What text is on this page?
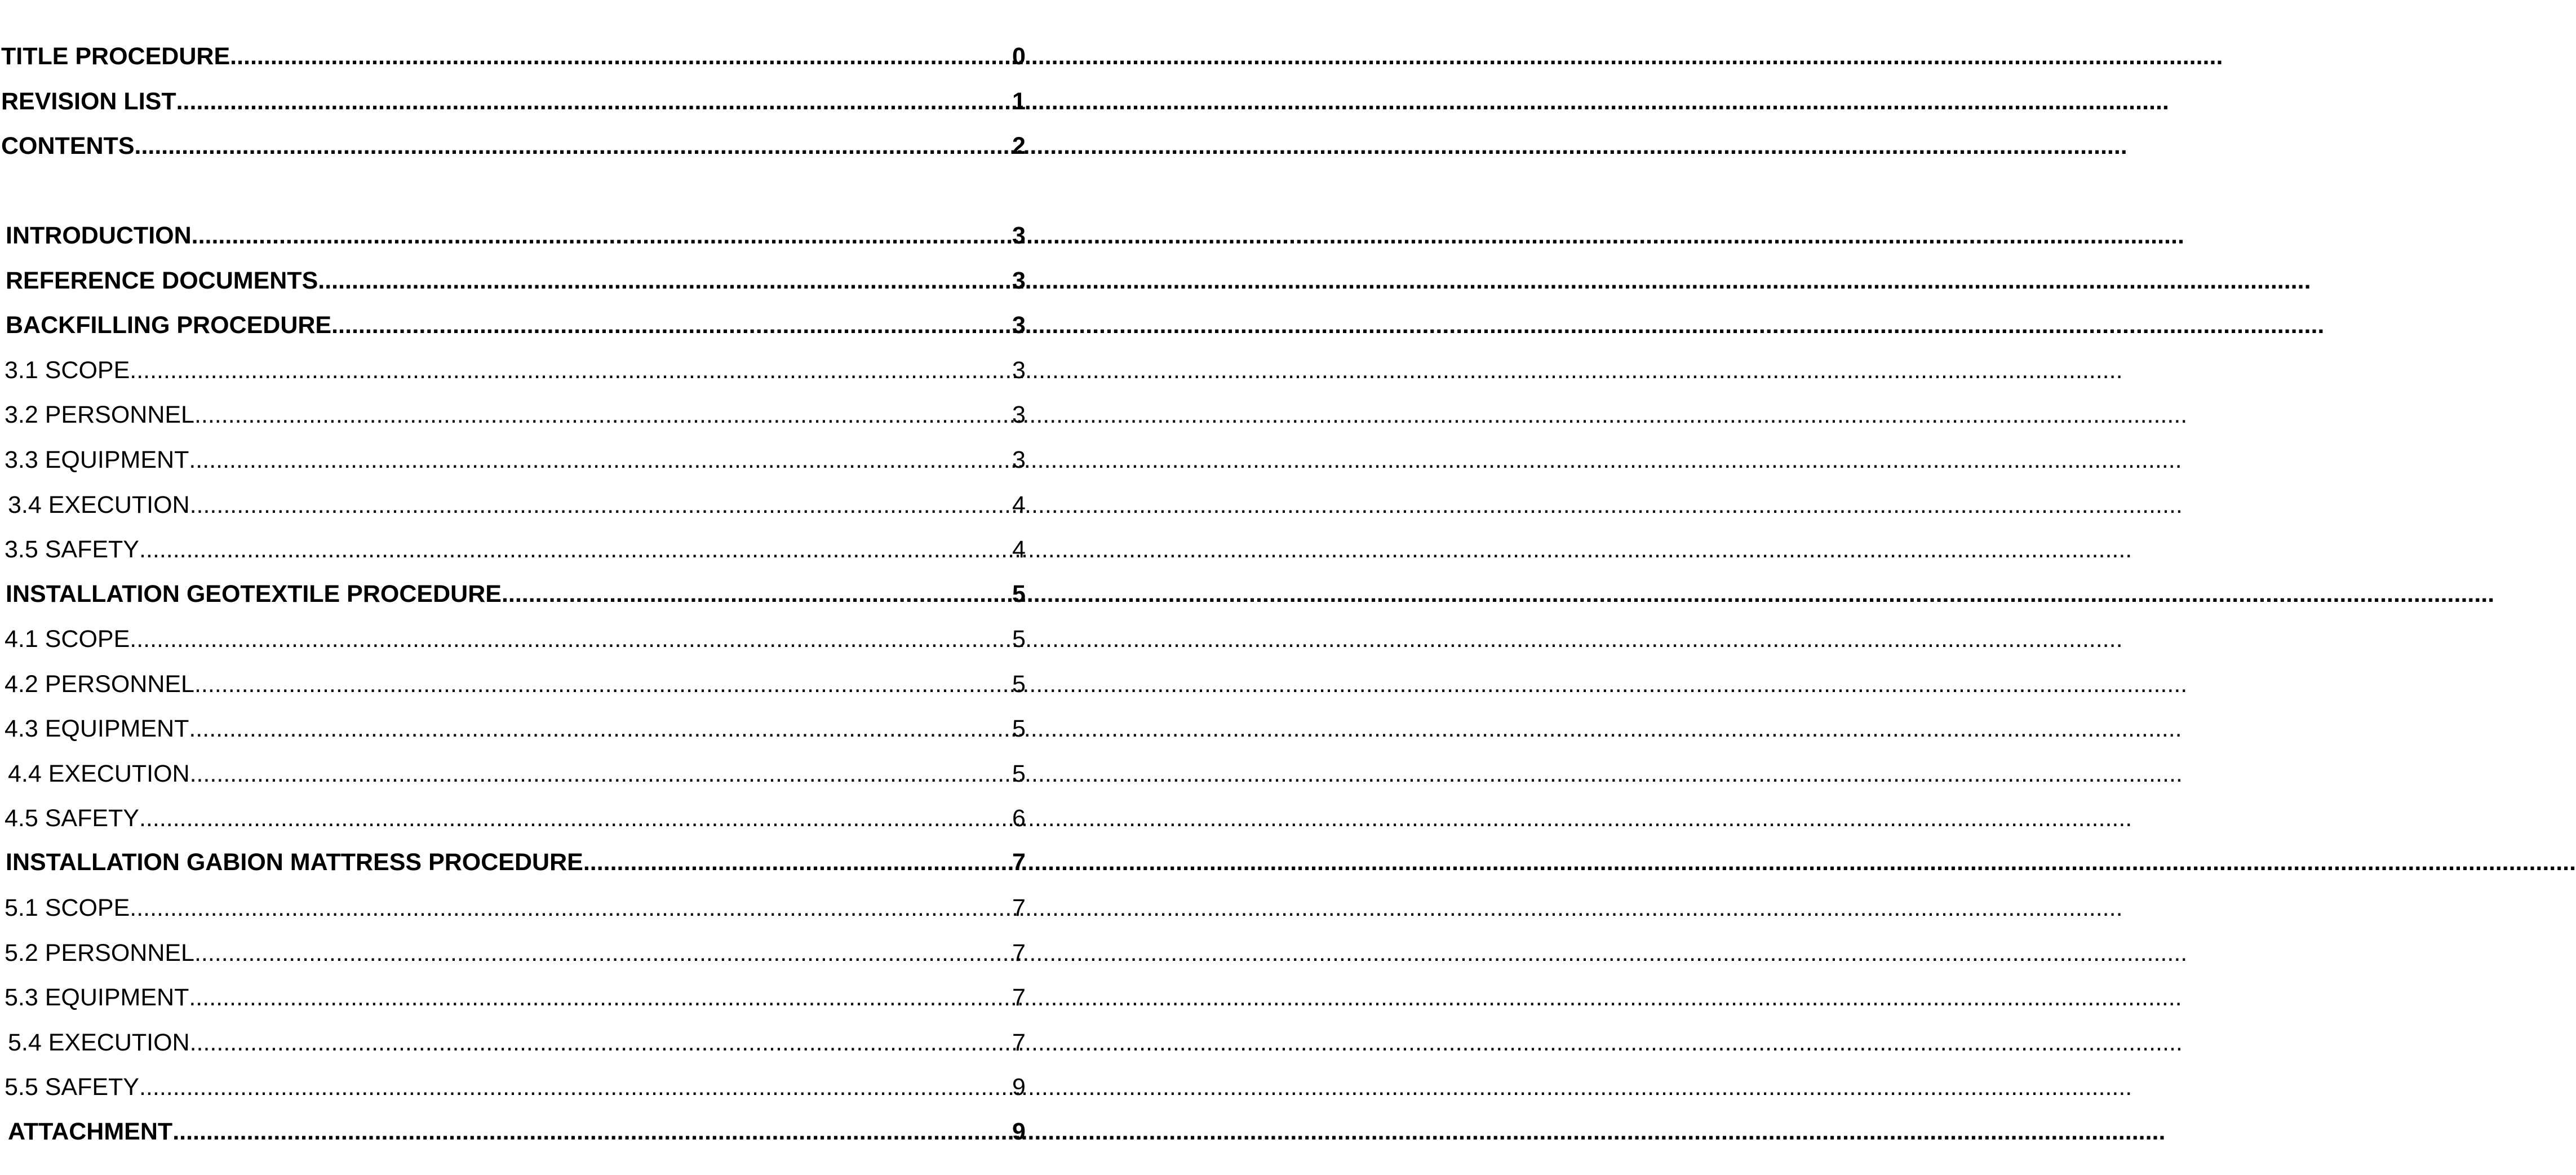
.....
TITLE PROCEDURE	0
.....
REVISION LIST	1
.....
CONTENTS	2
.....
INTRODUCTION	3
.....
REFERENCE DOCUMENTS	3
.....
BACKFILLING PROCEDURE	3
.....
3.1 SCOPE	3
.....
3.2 PERSONNEL	3
.....
3.3 EQUIPMENT	3
.....
3.4 EXECUTION	4
.....
3.5 SAFETY	4
.....
INSTALLATION GEOTEXTILE PROCEDURE	5
.....
4.1 SCOPE	5
.....
4.2 PERSONNEL	5
.....
4.3 EQUIPMENT	5
.....
4.4 EXECUTION	5
.....
4.5 SAFETY	6
.....
INSTALLATION GABION MATTRESS PROCEDURE	7
.....
5.1 SCOPE	7
.....
5.2 PERSONNEL	7
.....
5.3 EQUIPMENT	7
.....
5.4 EXECUTION	7
.....
5.5 SAFETY	9
.....
ATTACHMENT	9
